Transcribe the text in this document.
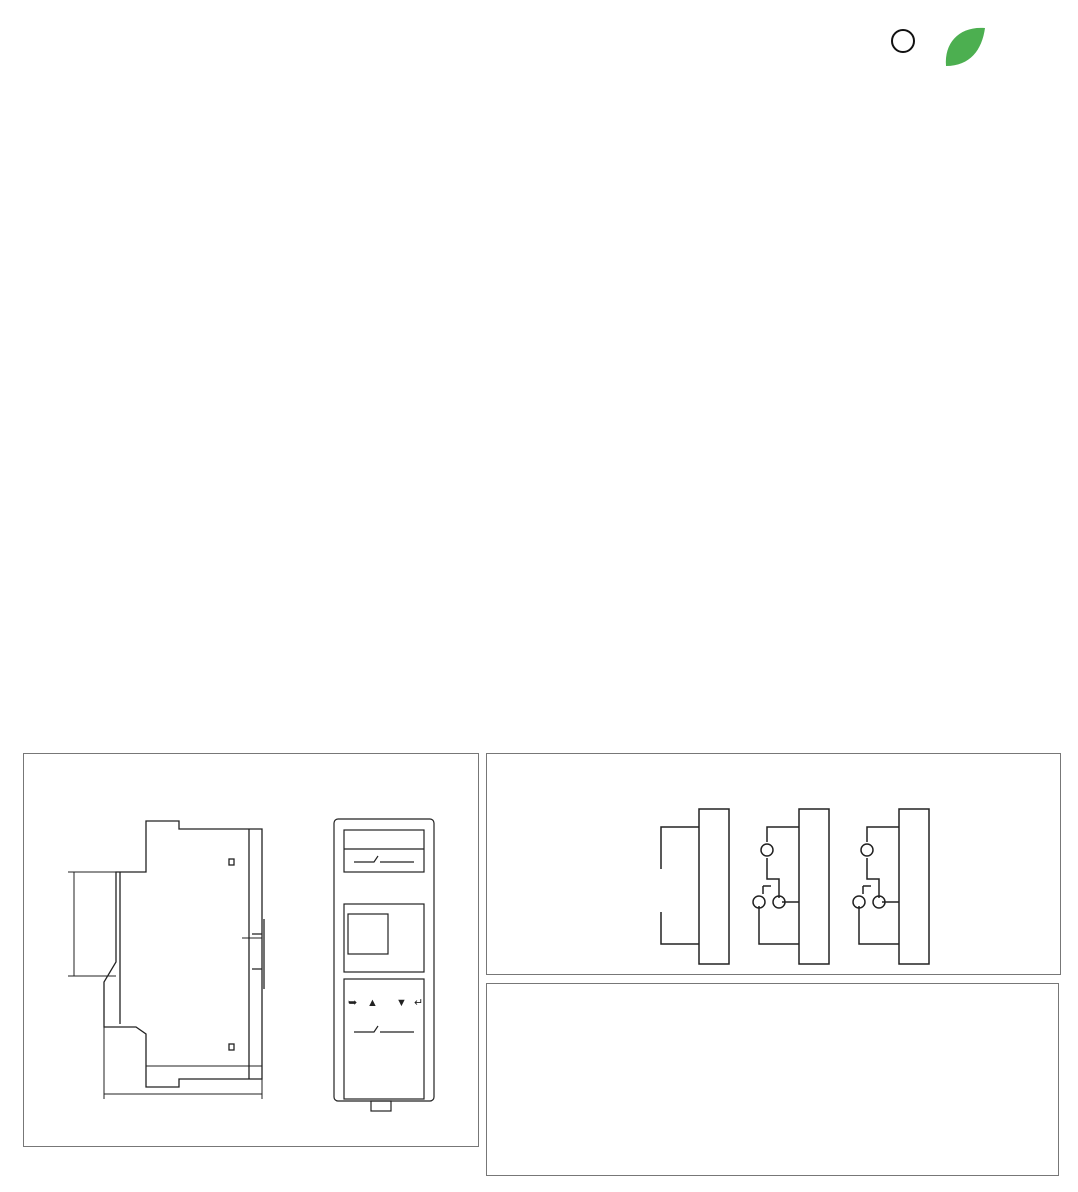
➥ ▲ ▼ ↵
